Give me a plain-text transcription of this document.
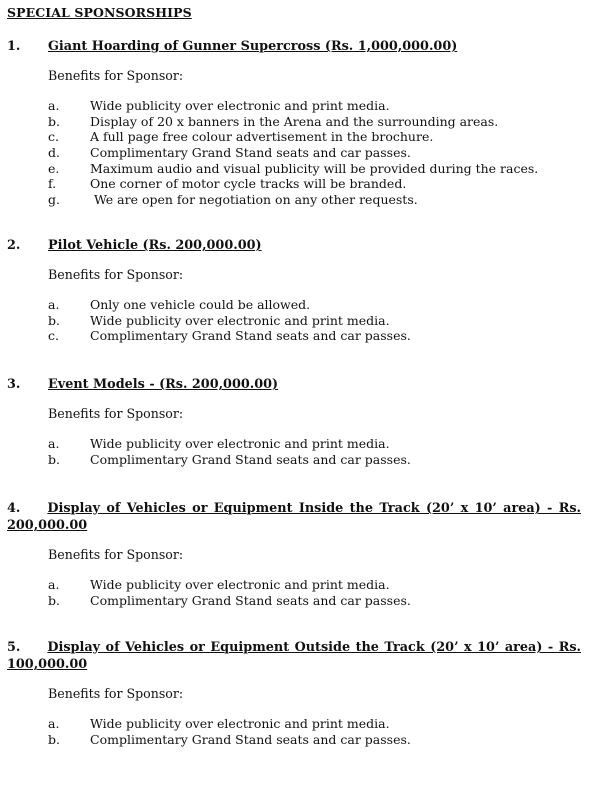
SPECIAL SPONSORSHIPS
1. Giant Hoarding of Gunner Supercross (Rs. 1,000,000.00)
Benefits for Sponsor:
a. Wide publicity over electronic and print media.
b. Display of 20 x banners in the Arena and the surrounding areas.
c. A full page free colour advertisement in the brochure.
d. Complimentary Grand Stand seats and car passes.
e. Maximum audio and visual publicity will be provided during the races.
f.	One corner of motor cycle tracks will be branded.
g. We are open for negotiation on any other requests.
2. Pilot Vehicle (Rs. 200,000.00)
Benefits for Sponsor:
a. Only one vehicle could be allowed.
b. Wide publicity over electronic and print media.
c. Complimentary Grand Stand seats and car passes.
3. Event Models - (Rs. 200,000.00)
Benefits for Sponsor:
a. Wide publicity over electronic and print media.
b. Complimentary Grand Stand seats and car passes.
4. Display of Vehicles or Equipment Inside the Track (20’ x 10’ area) - Rs. 200,000.00
Benefits for Sponsor:
a. Wide publicity over electronic and print media.
b. Complimentary Grand Stand seats and car passes.
5. Display of Vehicles or Equipment Outside the Track (20’ x 10’ area) - Rs. 100,000.00
Benefits for Sponsor:
a. Wide publicity over electronic and print media.
b. Complimentary Grand Stand seats and car passes.
